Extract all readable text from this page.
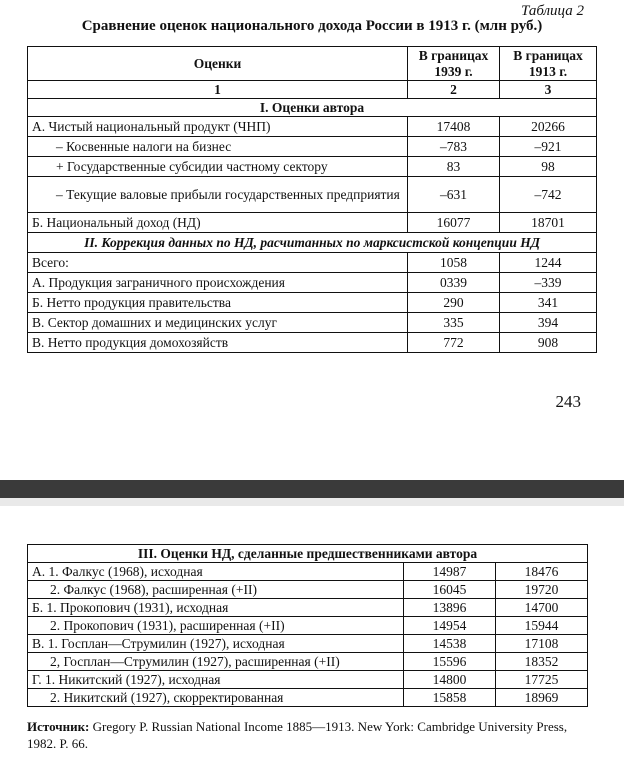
Таблица 2
Сравнение оценок национального дохода России в 1913 г. (млн руб.)
Оценки	В границах 1939 г.	В границах 1913 г.
1	2	3
I. Оценки автора		
А. Чистый национальный продукт (ЧНП)	17408	20266
– Косвенные налоги на бизнес	–783	–921
+ Государственные субсидии частному сектору	83	98
– Текущие валовые прибыли государственных предприятия	–631	–742
Б. Национальный доход (НД)	16077	18701
II. Коррекция данных по НД, расчитанных по марксистской концепции НД		
Всего:	1058	1244
А. Продукция заграничного происхождения	0339	–339
Б. Нетто продукция правительства	290	341
В. Сектор домашних и медицинских услуг	335	394
В. Нетто продукция домохозяйств	772	908
243
III. Оценки НД, сделанные предшественниками автора		
А. 1. Фалкус (1968), исходная	14987	18476
2. Фалкус (1968), расширенная (+II)	16045	19720
Б. 1. Прокопович (1931), исходная	13896	14700
2. Прокопович (1931), расширенная (+II)	14954	15944
В. 1. Госплан—Струмилин (1927), исходная	14538	17108
2, Госплан—Струмилин (1927), расширенная (+II)	15596	18352
Г. 1. Никитский (1927), исходная	14800	17725
2. Никитский (1927), скорректированная	15858	18969
Источник: Gregory P. Russian National Income 1885—1913. New York: Cambridge University Press, 1982. P. 66.
